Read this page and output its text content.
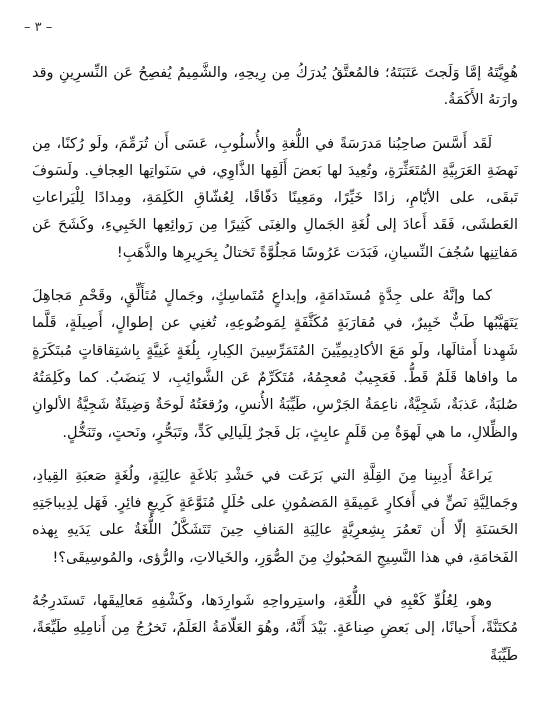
– ٣ –

هُوِيَّتَهُ إمَّا وَلَجتَ عَتَبَتَهُ؛ فالمُعتَّقُ يُدرَكُ مِن رِيحِهِ، والشَّمِيمُ يُفصِحُ عَن النِّسرِينِ وقد وارَتهُ الأَكَمَةُ.

لَقَد أَسَّسَ صاحِبُنا مَدرَسَةً في اللُّغةِ والأُسلُوبِ، عَسَى أَن تُرَمِّمَ، ولَو رُكنًا، مِن نَهضَةِ العَرَبِيَّةِ المُتَعَثِّرَةِ، وتُعِيدَ لها بَعضَ أَلَقِها الذَّاوِي، في سَنَواتِها العِجافِ. ولَسَوفَ تَبقَى، على الأيّامِ، زادًا خَيِّرًا، ومَعِينًا دَفّاقًا، لِعُشّاقِ الكَلِمَةِ، ومِدادًا لِلْيَراعاتِ العَطشَى، فَقَد أَعادَ إلى لُغَةِ الجَمالِ والغِنَى كَثِيرًا مِن رَوائِعِها الخَبِيءِ، وكَشَحَ عَن مَفاتِنِها سُجُفَ النِّسيانِ، فَبَدَت عَرُوسًا مَجلُوَّةً تَختالُ بِحَرِيرِها والذَّهَبِ!

كما وإنَّهُ على جِدَّةٍ مُستَدامَةٍ، وإبداعٍ مُتَماسِكٍ، وجَمالٍ مُتَأَلِّقٍ، وقَحْمِ مَجاهِلَ يَتَهَيَّبُها طَبٌّ خَبِيرٌ، في مُقارَبَةٍ مُكَثَّفَةٍ لِمَوضُوعِهِ، تُغنِي عن إطوالٍ، أَصِيلَةٍ، قَلَّما شَهِدنا أَمثالَها، ولَو مَعَ الأكادِيمِيِّينَ المُتَمَرِّسِينَ الكِبارِ، بِلُغَةٍ غَنِيَّةٍ بِاشتِقاقاتٍ مُبتَكَرَةٍ ما وافاها قَلَمٌ قَطُّ. فَعَجِيبٌ مُعجِمُهُ، مُتَكَرِّمٌ عَن الشَّوائِبِ، لا يَنضَبُ. كما وكَلِمَتُهُ صُلبَةٌ، عَذبَةٌ، شَجِيَّةٌ، ناعِمَةُ الجَرْسِ، طَيِّبَةُ الأُنسِ، ورُقعَتُهُ لَوحَةٌ وَضِيئَةٌ شَجِيَّةُ الألوانِ والظِّلالِ، ما هي لَهوَةٌ مِن قَلَمٍ عابِثٍ، بَل فَجرٌ لِلَيالِي كَدٍّ، وتَبَحُّرٍ، ونَحتٍ، وتَنَخُّلٍ.

يَراعَةُ أَدِيبِنا مِنَ القِلَّةِ التي بَرَعَت في حَشْدِ بَلاغَةٍ عالِيَةٍ، ولُغَةٍ صَعبَةِ القِيادِ، وجَمالِيَّةِ نَصٍّ في أَفكارٍ عَمِيقَةِ المَضمُونِ على حُلَلٍ مُنَوَّعَةٍ كَرِيعٍ فائِرٍ. فَهَل لِدِيباجَتِهِ الحَسَنَةِ إلّا أَن تَعمُرَ بِشِعرِيَّةٍ عالِيَةِ المَنافِ حِينَ تَتَشَكَّلُ اللُّغَةُ على يَدَيهِ بِهذه الفَخامَةِ، في هذا النَّسِيجِ المَحبُوكِ مِنَ الصُّوَرِ، والخَيالاتِ، والرُّؤى، والمُوسِيقَى؟!

وهو، لِعُلُوِّ كَعْبِهِ في اللُّغَةِ، واستِرواحِهِ شَوارِدَها، وكَشْفِهِ مَعالِيقَها، تَستَدرِجُهُ مُكتَنَّةً، أَحيانًا، إلى بَعضِ صِناعَةٍ. بَيْدَ أَنَّهُ، وهُوَ العَلّامَةُ العَلَمُ، تَخرُجُ مِن أَنامِلِهِ طَيِّعَةً، طَيِّبَةً
